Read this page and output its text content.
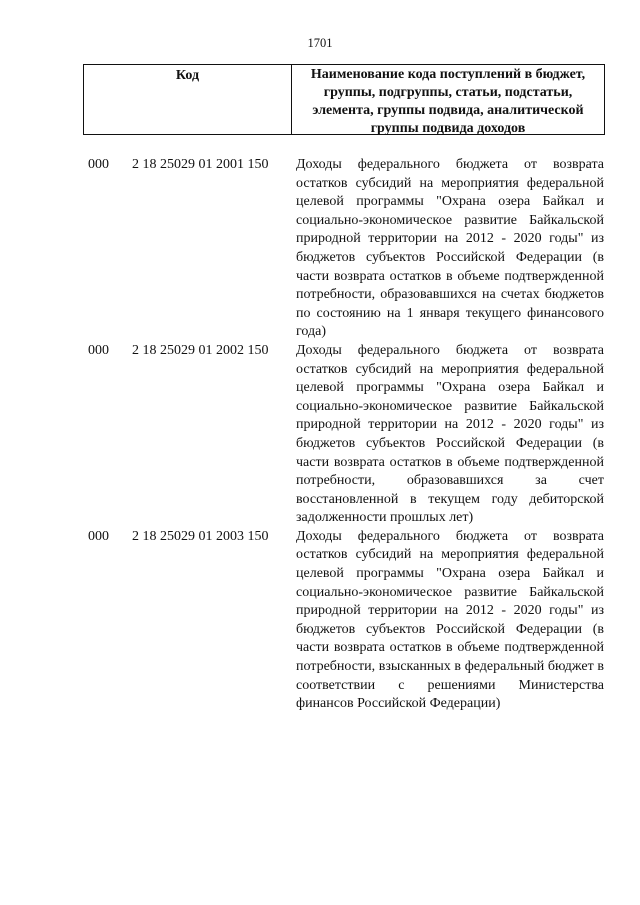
1701
Код	Наименование кода поступлений в бюджет, группы, подгруппы, статьи, подстатьи, элемента, группы подвида, аналитической группы подвида доходов
000	2 18 25029 01 2001 150	Доходы федерального бюджета от возврата остатков субсидий на мероприятия федеральной целевой программы "Охрана озера Байкал и социально-экономическое развитие Байкальской природной территории на 2012 - 2020 годы" из бюджетов субъектов Российской Федерации (в части возврата остатков в объеме подтвержденной потребности, образовавшихся на счетах бюджетов по состоянию на 1 января текущего финансового года)
000	2 18 25029 01 2002 150	Доходы федерального бюджета от возврата остатков субсидий на мероприятия федеральной целевой программы "Охрана озера Байкал и социально-экономическое развитие Байкальской природной территории на 2012 - 2020 годы" из бюджетов субъектов Российской Федерации (в части возврата остатков в объеме подтвержденной потребности, образовавшихся за счет восстановленной в текущем году дебиторской задолженности прошлых лет)
000	2 18 25029 01 2003 150	Доходы федерального бюджета от возврата остатков субсидий на мероприятия федеральной целевой программы "Охрана озера Байкал и социально-экономическое развитие Байкальской природной территории на 2012 - 2020 годы" из бюджетов субъектов Российской Федерации (в части возврата остатков в объеме подтвержденной потребности, взысканных в федеральный бюджет в соответствии с решениями Министерства финансов Российской Федерации)
